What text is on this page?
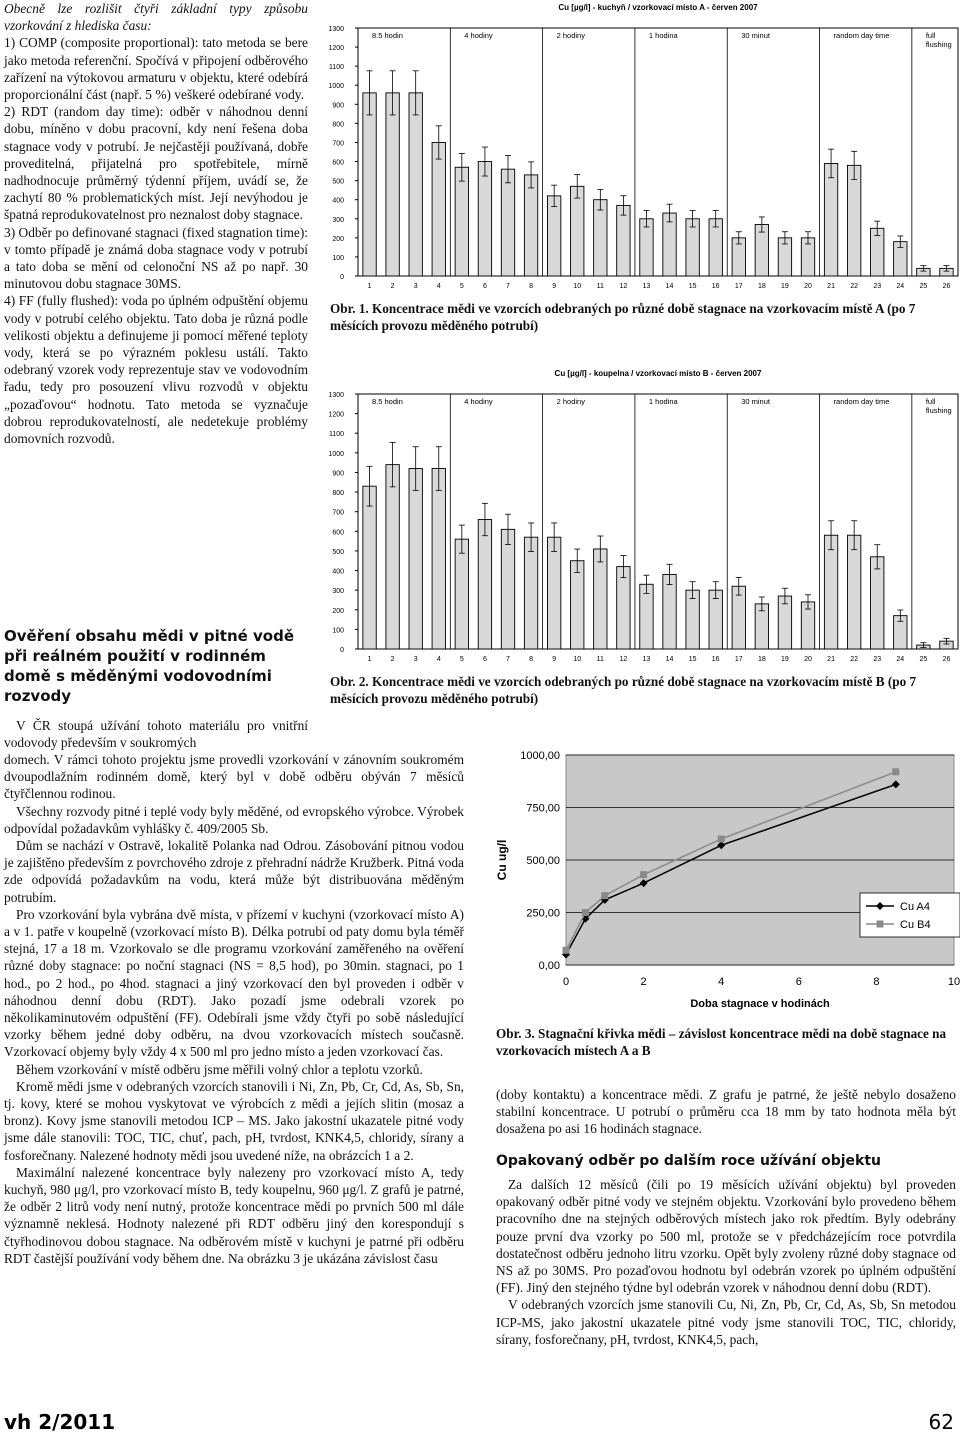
Obecně lze rozlišit čtyři základní typy způsobu vzorkování z hlediska času:

1) COMP (composite proportional): tato metoda se bere jako metoda referenční. Spočívá v připojení odběrového zařízení na výtokovou armaturu v objektu, které odebírá proporcionální část (např. 5 %) veškeré odebírané vody.

2) RDT (random day time): odběr v náhodnou denní dobu, míněno v dobu pracovní, kdy není řešena doba stagnace vody v potrubí. Je nejčastěji používaná, dobře proveditelná, přijatelná pro spotřebitele, mírně nadhodnocuje průměrný týdenní příjem, uvádí se, že zachytí 80 % problematických míst. Její nevýhodou je špatná reprodukovatelnost pro neznalost doby stagnace.

3) Odběr po definované stagnaci (fixed stagnation time): v tomto případě je známá doba stagnace vody v potrubí a tato doba se mění od celonoční NS až po např. 30 minutovou dobu stagnace 30MS.

4) FF (fully flushed): voda po úplném odpuštění objemu vody v potrubí celého objektu. Tato doba je různá podle velikosti objektu a definujeme ji pomocí měřené teploty vody, která se po výrazném poklesu ustálí. Takto odebraný vzorek vody reprezentuje stav ve vodovodním řadu, tedy pro posouzení vlivu rozvodů v objektu „pozaďovou“ hodnotu. Tato metoda se vyznačuje dobrou reprodukovatelností, ale nedetekuje problémy domovních rozvodů.

Ověření obsahu mědi v pitné vodě při reálném použití v rodinném domě s měděnými vodovodními rozvody

V ČR stoupá užívání tohoto materiálu pro vnitřní vodovody především v soukromých

domech. V rámci tohoto projektu jsme provedli vzorkování v zánovním soukromém dvoupodlažním rodinném domě, který byl v době odběru obýván 7 měsíců čtyřčlennou rodinou.

Všechny rozvody pitné i teplé vody byly měděné, od evropského výrobce. Výrobek odpovídal požadavkům vyhlášky č. 409/2005 Sb.

Dům se nachází v Ostravě, lokalitě Polanka nad Odrou. Zásobování pitnou vodou je zajištěno především z povrchového zdroje z přehradní nádrže Kružberk. Pitná voda zde odpovídá požadavkům na vodu, která může být distribuována měděným potrubím.

Pro vzorkování byla vybrána dvě místa, v přízemí v kuchyni (vzorkovací místo A) a v 1. patře v koupelně (vzorkovací místo B). Délka potrubí od paty domu byla téměř stejná, 17 a 18 m. Vzorkovalo se dle programu vzorkování zaměřeného na ověření různé doby stagnace: po noční stagnaci (NS = 8,5 hod), po 30min. stagnaci, po 1 hod., po 2 hod., po 4hod. stagnaci a jiný vzorkovací den byl proveden i odběr v náhodnou denní dobu (RDT). Jako pozadí jsme odebrali vzorek po několikaminutovém odpuštění (FF). Odebírali jsme vždy čtyři po sobě následující vzorky během jedné doby odběru, na dvou vzorkovacích místech současně. Vzorkovací objemy byly vždy 4 x 500 ml pro jedno místo a jeden vzorkovací čas.

Během vzorkování v místě odběru jsme měřili volný chlor a teplotu vzorků.

Kromě mědi jsme v odebraných vzorcích stanovili i Ni, Zn, Pb, Cr, Cd, As, Sb, Sn, tj. kovy, které se mohou vyskytovat ve výrobcích z mědi a jejích slitin (mosaz a bronz). Kovy jsme stanovili metodou ICP – MS. Jako jakostní ukazatele pitné vody jsme dále stanovili: TOC, TIC, chuť, pach, pH, tvrdost, KNK4,5, chloridy, sírany a fosforečnany. Nalezené hodnoty mědi jsou uvedené níže, na obrázcích 1 a 2.

Maximální nalezené koncentrace byly nalezeny pro vzorkovací místo A, tedy kuchyň, 980 μg/l, pro vzorkovací místo B, tedy koupelnu, 960 μg/l. Z grafů je patrné, že odběr 2 litrů vody není nutný, protože koncentrace mědi po prvních 500 ml dále významně neklesá. Hodnoty nalezené při RDT odběru jiný den korespondují s čtyřhodinovou dobou stagnace. Na odběrovém místě v kuchyni je patrné při odběru RDT častější používání vody během dne. Na obrázku 3 je ukázána závislost času

(doby kontaktu) a koncentrace mědi. Z grafu je patrné, že ještě nebylo dosaženo stabilní koncentrace. U potrubí o průměru cca 18 mm by tato hodnota měla být dosažena po asi 16 hodinách stagnace.

Opakovaný odběr po dalším roce užívání objektu

Za dalších 12 měsíců (čili po 19 měsících užívání objektu) byl proveden opakovaný odběr pitné vody ve stejném objektu. Vzorkování bylo provedeno během pracovního dne na stejných odběrových místech jako rok předtím. Byly odebrány pouze první dva vzorky po 500 ml, protože se v předcházejícím roce potvrdila dostatečnost odběru jednoho litru vzorku. Opět byly zvoleny různé doby stagnace od NS až po 30MS. Pro pozaďovou hodnotu byl odebrán vzorek po úplném odpuštění (FF). Jiný den stejného týdne byl odebrán vzorek v náhodnou denní dobu (RDT).

V odebraných vzorcích jsme stanovili Cu, Ni, Zn, Pb, Cr, Cd, As, Sb, Sn metodou ICP-MS, jako jakostní ukazatele pitné vody jsme stanovili TOC, TIC, chloridy, sírany, fosforečnany, pH, tvrdost, KNK4,5, pach,

Obr. 1. Koncentrace mědi ve vzorcích odebraných po různé době stagnace na vzorkovacím místě A (po 7 měsících provozu měděného potrubí)
Obr. 2. Koncentrace mědi ve vzorcích odebraných po různé době stagnace na vzorkovacím místě B (po 7 měsících provozu měděného potrubí)
Obr. 3. Stagnační křivka mědi – závislost koncentrace mědi na době stagnace na vzorkovacích místech A a B
Cu [µg/l] - kuchyň / vzorkovací místo A - červen 2007
0
100
200
300
400
500
600
700
800
900
1000
1100
1200
1300
8.5 hodin	4 hodiny	2 hodiny	1 hodina	30 minut	random day time	full
flushing
1	2	3	4	5	6	7	8	9 10 11 12 13 14 15 16 17 18 19 20 21 22 23 24 25 26
Cu [µg/l] - koupelna / vzorkovací místo B - červen 2007
0
100
200
300
400
500
600
700
800
900
1000
1100
1200
1300
8.5 hodin	4 hodiny	2 hodiny	1 hodina	30 minut	random day time	full
flushing
1	2	3	4	5	6	7	8	9 10 11 12 13 14 15 16 17 18 19 20 21 22 23 24 25 26
0,00
250,00
500,00
750,00
1000,00
0	2	4	6	8	10
Doba stagnace v hodinách
Cu ug/l
Cu A4
Cu B4
vh 2/2011	62
